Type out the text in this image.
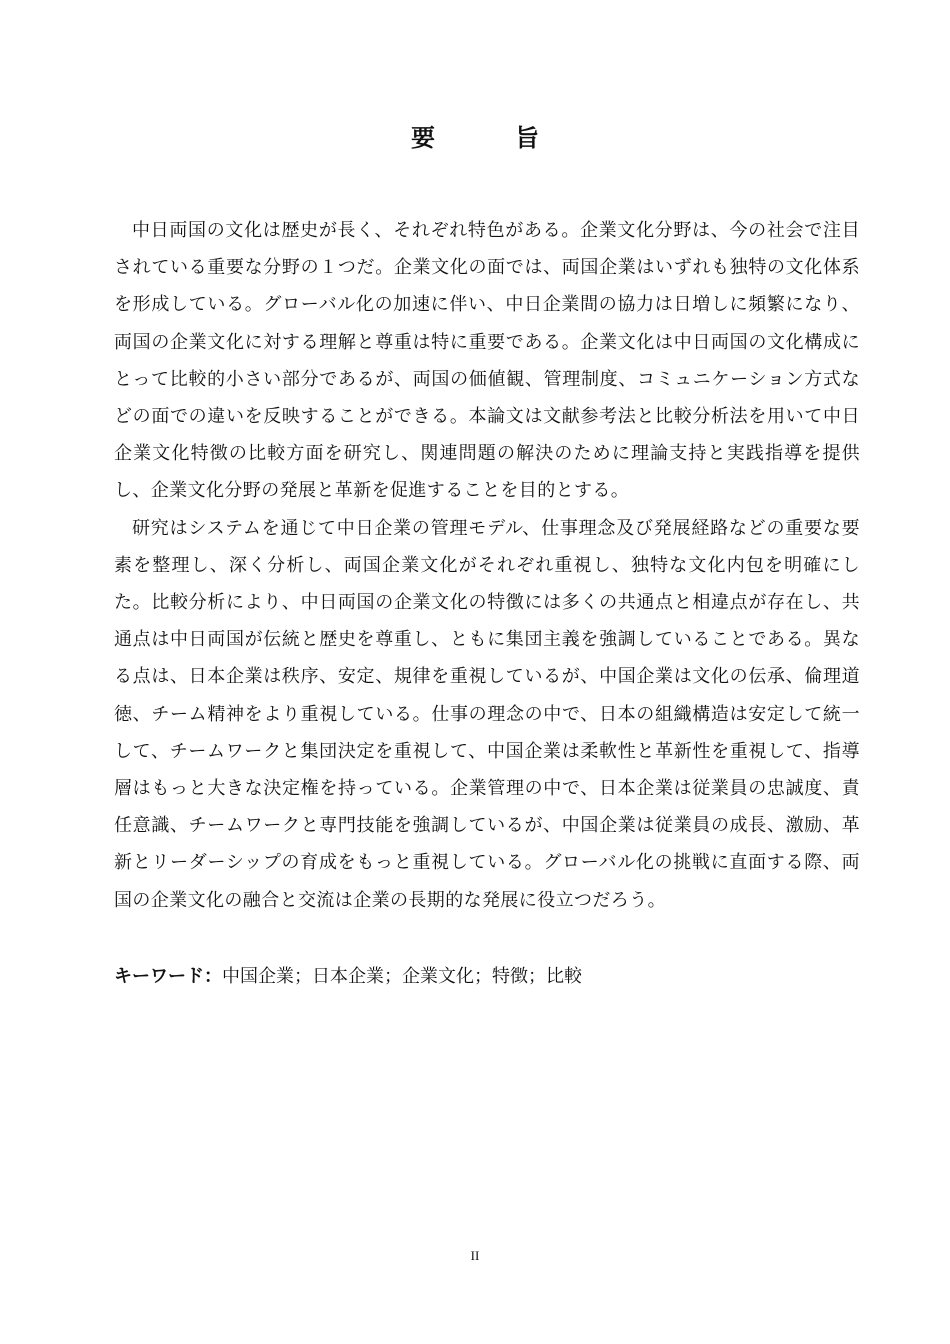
要　旨

中日両国の文化は歴史が長く、それぞれ特色がある。企業文化分野は、今の社会で注目されている重要な分野の１つだ。企業文化の面では、両国企業はいずれも独特の文化体系を形成している。グローバル化の加速に伴い、中日企業間の協力は日増しに頻繁になり、両国の企業文化に対する理解と尊重は特に重要である。企業文化は中日両国の文化構成にとって比較的小さい部分であるが、両国の価値観、管理制度、コミュニケーション方式などの面での違いを反映することができる。本論文は文献参考法と比較分析法を用いて中日企業文化特徴の比較方面を研究し、関連問題の解決のために理論支持と実践指導を提供し、企業文化分野の発展と革新を促進することを目的とする。

研究はシステムを通じて中日企業の管理モデル、仕事理念及び発展経路などの重要な要素を整理し、深く分析し、両国企業文化がそれぞれ重視し、独特な文化内包を明確にした。比較分析により、中日両国の企業文化の特徴には多くの共通点と相違点が存在し、共通点は中日両国が伝統と歴史を尊重し、ともに集団主義を強調していることである。異なる点は、日本企業は秩序、安定、規律を重視しているが、中国企業は文化の伝承、倫理道徳、チーム精神をより重視している。仕事の理念の中で、日本の組織構造は安定して統一して、チームワークと集団決定を重視して、中国企業は柔軟性と革新性を重視して、指導層はもっと大きな決定権を持っている。企業管理の中で、日本企業は従業員の忠誠度、責任意識、チームワークと専門技能を強調しているが、中国企業は従業員の成長、激励、革新とリーダーシップの育成をもっと重視している。グローバル化の挑戦に直面する際、両国の企業文化の融合と交流は企業の長期的な発展に役立つだろう。

キーワード：中国企業；日本企業；企業文化；特徴；比較
II
